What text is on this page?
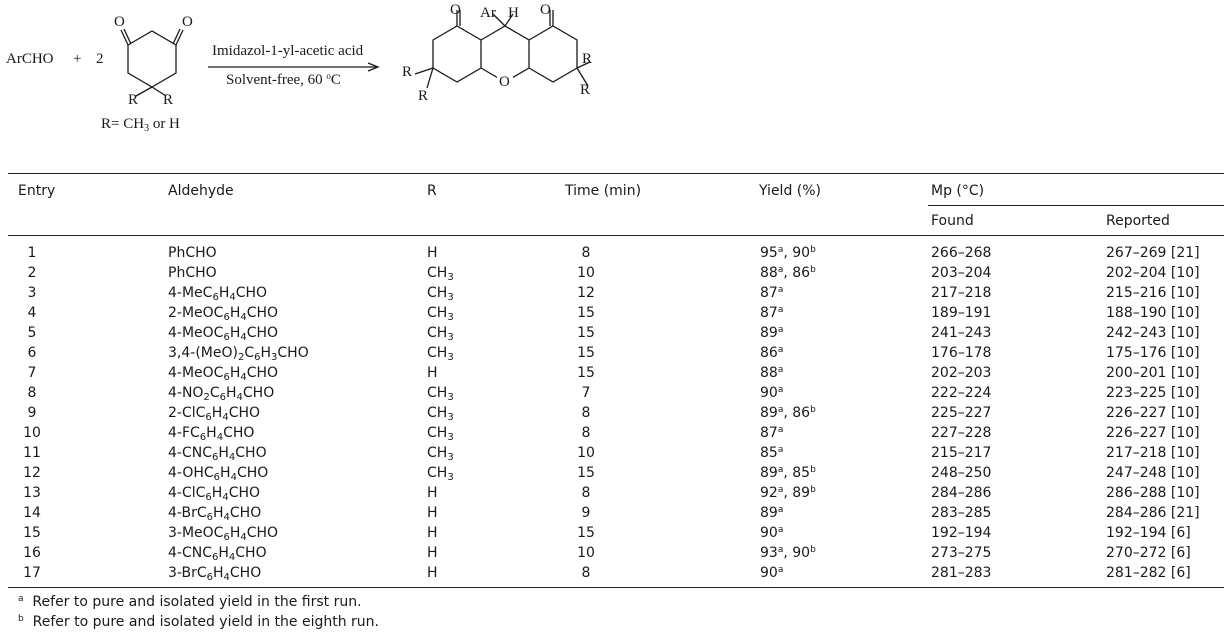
ArCHO + 2
O	O
R R
$R= CH_3$ or H
Imidazol-1-yl-acetic acid
Solvent-free, 60 $^o$C
O	O
Ar H
O
R
R
R
R
Entry	Aldehyde	R	Time (min)	Yield (%)	Mp (°C)
Found	Reported
1	PhCHO	H	8	95$^a$, 90$^b$	266–268	267–269 [21]
2	PhCHO	$CH_3$	10	88$^a$, 86$^b$	203–204	202–204 [10]
3	$4-MeC_6H_4CHO$	$CH_3$	12	87$^a$	217–218	215–216 [10]
4	$2-MeOC_6H_4CHO$	$CH_3$	15	87$^a$	189–191	188–190 [10]
5	$4-MeOC_6H_4CHO$	$CH_3$	15	89$^a$	241–243	242–243 [10]
6	$3,4-(MeO)_2C_6H_3CHO$	$CH_3$	15	86$^a$	176–178	175–176 [10]
7	$4-MeOC_6H_4CHO$	H	15	88$^a$	202–203	200–201 [10]
8	$4-NO_2C_6H_4CHO$	$CH_3$	7	90$^a$	222–224	223–225 [10]
9	$2-ClC_6H_4CHO$	$CH_3$	8	89$^a$, 86$^b$	225–227	226–227 [10]
10	$4-FC_6H_4CHO$	$CH_3$	8	87$^a$	227–228	226–227 [10]
11	$4-CNC_6H_4CHO$	$CH_3$	10	85$^a$	215–217	217–218 [10]
12	$4-OHC_6H_4CHO$	$CH_3$	15	89$^a$, 85$^b$	248–250	247–248 [10]
13	$4-ClC_6H_4CHO$	H	8	92$^a$, 89$^b$	284–286	286–288 [10]
14	$4-BrC_6H_4CHO$	H	9	89$^a$	283–285	284–286 [21]
15	$3-MeOC_6H_4CHO$	H	15	90$^a$	192–194	192–194 [6]
16	$4-CNC_6H_4CHO$	H	10	93$^a$, 90$^b$	273–275	270–272 [6]
17	$3-BrC_6H_4CHO$	H	8	90$^a$	281–283	281–282 [6]
$^a$ Refer to pure and isolated yield in the first run.
$^b$ Refer to pure and isolated yield in the eighth run.
